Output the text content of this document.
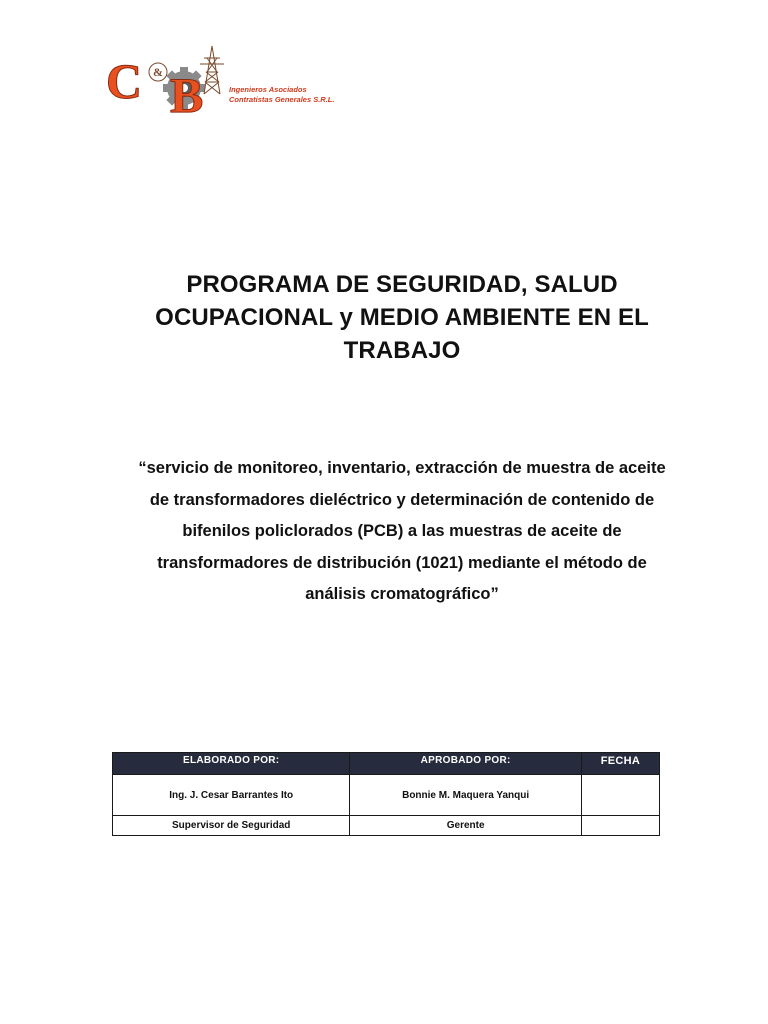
C B
&
Ingenieros Asociados
Contratistas Generales S.R.L.
PROGRAMA DE SEGURIDAD, SALUD OCUPACIONAL y MEDIO AMBIENTE EN EL TRABAJO
“servicio de monitoreo, inventario, extracción de muestra de aceite de transformadores dieléctrico y determinación de contenido de bifenilos policlorados (PCB) a las muestras de aceite de transformadores de distribución (1021) mediante el método de análisis cromatográfico”
ELABORADO POR:	APROBADO POR:	FECHA
Ing. J. Cesar Barrantes Ito	Bonnie M. Maquera Yanqui	
Supervisor de Seguridad	Gerente	
